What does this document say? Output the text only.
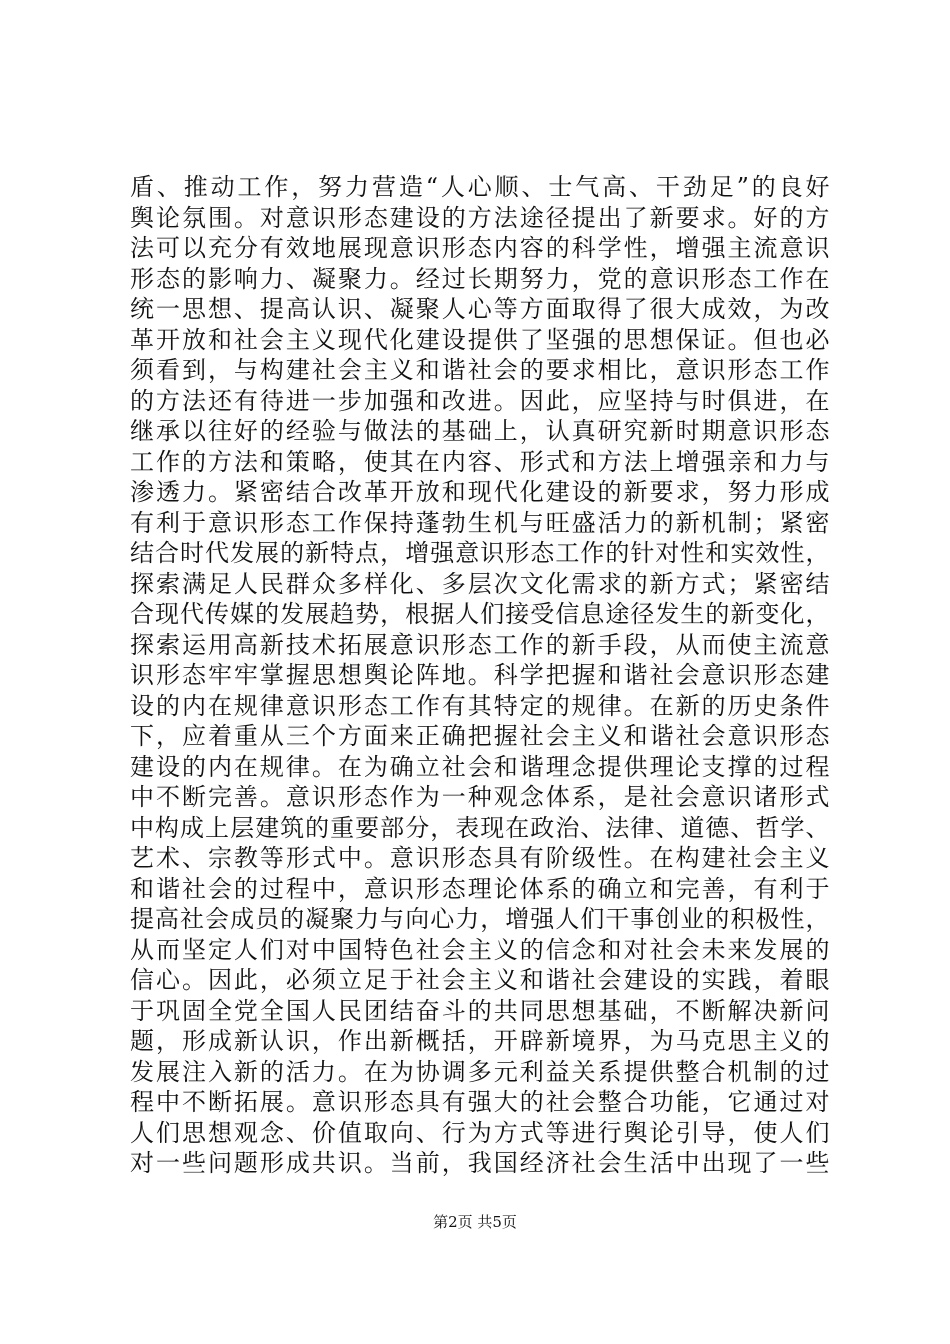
盾、推动工作，努力营造“人心顺、士气高、干劲足”的良好
舆论氛围。对意识形态建设的方法途径提出了新要求。好的方
法可以充分有效地展现意识形态内容的科学性，增强主流意识
形态的影响力、凝聚力。经过长期努力，党的意识形态工作在
统一思想、提高认识、凝聚人心等方面取得了很大成效，为改
革开放和社会主义现代化建设提供了坚强的思想保证。但也必
须看到，与构建社会主义和谐社会的要求相比，意识形态工作
的方法还有待进一步加强和改进。因此，应坚持与时俱进，在
继承以往好的经验与做法的基础上，认真研究新时期意识形态
工作的方法和策略，使其在内容、形式和方法上增强亲和力与
渗透力。紧密结合改革开放和现代化建设的新要求，努力形成
有利于意识形态工作保持蓬勃生机与旺盛活力的新机制；紧密
结合时代发展的新特点，增强意识形态工作的针对性和实效性，
探索满足人民群众多样化、多层次文化需求的新方式；紧密结
合现代传媒的发展趋势，根据人们接受信息途径发生的新变化，
探索运用高新技术拓展意识形态工作的新手段，从而使主流意
识形态牢牢掌握思想舆论阵地。科学把握和谐社会意识形态建
设的内在规律意识形态工作有其特定的规律。在新的历史条件
下，应着重从三个方面来正确把握社会主义和谐社会意识形态
建设的内在规律。在为确立社会和谐理念提供理论支撑的过程
中不断完善。意识形态作为一种观念体系，是社会意识诸形式
中构成上层建筑的重要部分，表现在政治、法律、道德、哲学、
艺术、宗教等形式中。意识形态具有阶级性。在构建社会主义
和谐社会的过程中，意识形态理论体系的确立和完善，有利于
提高社会成员的凝聚力与向心力，增强人们干事创业的积极性，
从而坚定人们对中国特色社会主义的信念和对社会未来发展的
信心。因此，必须立足于社会主义和谐社会建设的实践，着眼
于巩固全党全国人民团结奋斗的共同思想基础，不断解决新问
题，形成新认识，作出新概括，开辟新境界，为马克思主义的
发展注入新的活力。在为协调多元利益关系提供整合机制的过
程中不断拓展。意识形态具有强大的社会整合功能，它通过对
人们思想观念、价值取向、行为方式等进行舆论引导，使人们
对一些问题形成共识。当前，我国经济社会生活中出现了一些
第2页 共5页
